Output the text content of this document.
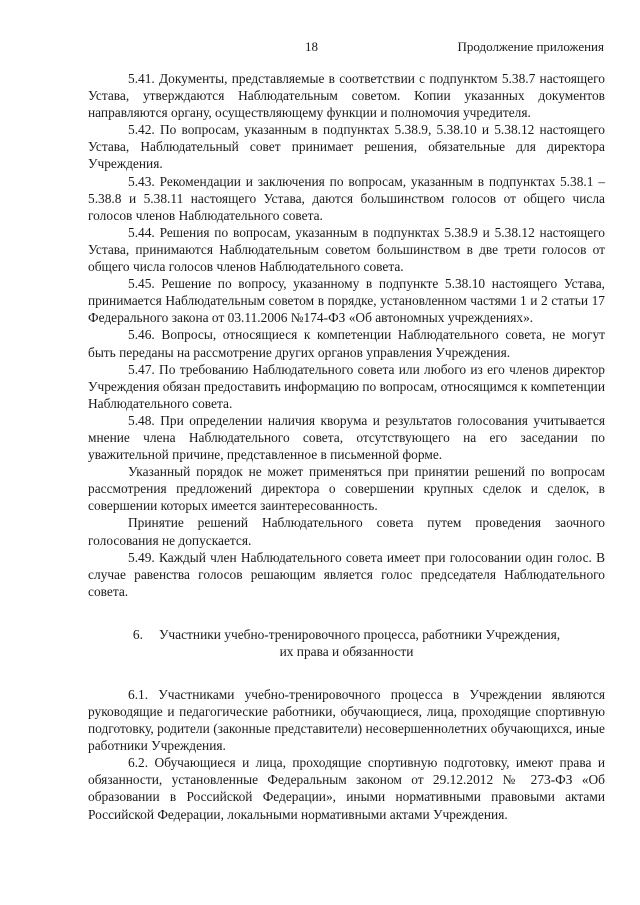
18	Продолжение приложения

5.41. Документы, представляемые в соответствии с подпунктом 5.38.7 настоящего Устава, утверждаются Наблюдательным советом. Копии указанных документов направляются органу, осуществляющему функции и полномочия учредителя.

5.42. По вопросам, указанным в подпунктах 5.38.9, 5.38.10 и 5.38.12 настоящего Устава, Наблюдательный совет принимает решения, обязательные для директора Учреждения.

5.43. Рекомендации и заключения по вопросам, указанным в подпунктах 5.38.1 – 5.38.8 и 5.38.11 настоящего Устава, даются большинством голосов от общего числа голосов членов Наблюдательного совета.

5.44. Решения по вопросам, указанным в подпунктах 5.38.9 и 5.38.12 настоящего Устава, принимаются Наблюдательным советом большинством в две трети голосов от общего числа голосов членов Наблюдательного совета.

5.45. Решение по вопросу, указанному в подпункте 5.38.10 настоящего Устава, принимается Наблюдательным советом в порядке, установленном частями 1 и 2 статьи 17 Федерального закона от 03.11.2006 №174-ФЗ «Об автономных учреждениях».

5.46. Вопросы, относящиеся к компетенции Наблюдательного совета, не могут быть переданы на рассмотрение других органов управления Учреждения.

5.47. По требованию Наблюдательного совета или любого из его членов директор Учреждения обязан предоставить информацию по вопросам, относящимся к компетенции Наблюдательного совета.

5.48. При определении наличия кворума и результатов голосования учитывается мнение члена Наблюдательного совета, отсутствующего на его заседании по уважительной причине, представленное в письменной форме.

Указанный порядок не может применяться при принятии решений по вопросам рассмотрения предложений директора о совершении крупных сделок и сделок, в совершении которых имеется заинтересованность.

Принятие решений Наблюдательного совета путем проведения заочного голосования не допускается.

5.49. Каждый член Наблюдательного совета имеет при голосовании один голос. В случае равенства голосов решающим является голос председателя Наблюдательного совета.

6. Участники учебно-тренировочного процесса, работники Учреждения,
их права и обязанности

6.1. Участниками учебно-тренировочного процесса в Учреждении являются руководящие и педагогические работники, обучающиеся, лица, проходящие спортивную подготовку, родители (законные представители) несовершеннолетних обучающихся, иные работники Учреждения.

6.2. Обучающиеся и лица, проходящие спортивную подготовку, имеют права и обязанности, установленные Федеральным законом от 29.12.2012 № 273-ФЗ «Об образовании в Российской Федерации», иными нормативными правовыми актами Российской Федерации, локальными нормативными актами Учреждения.
